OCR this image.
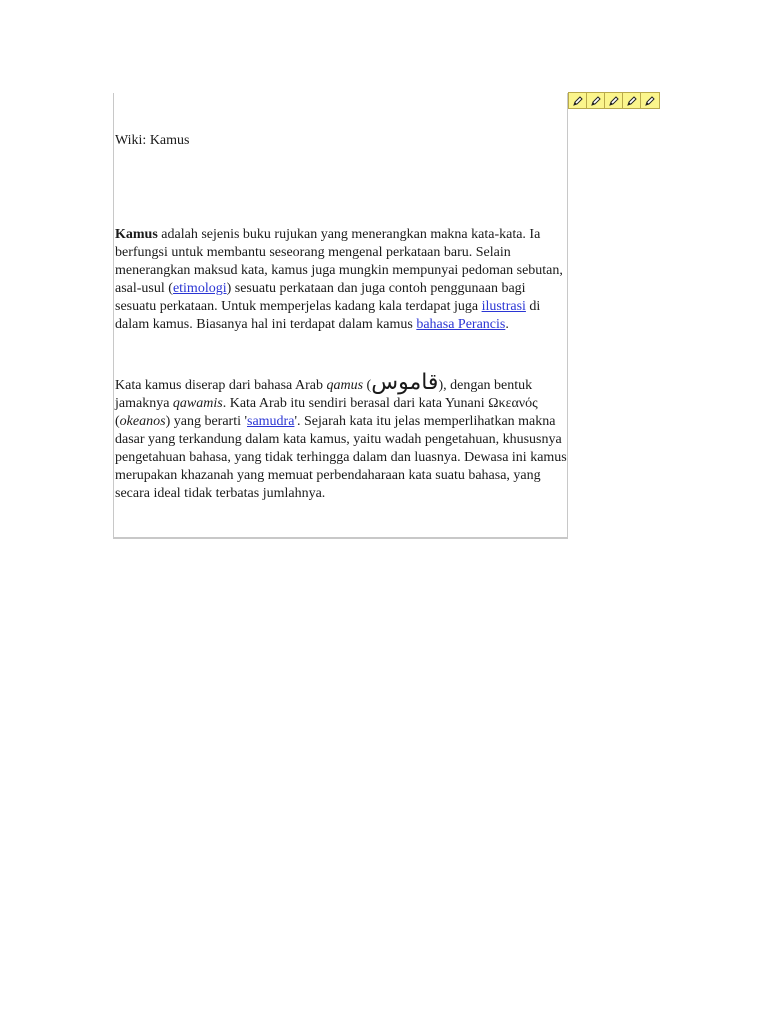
Wiki: Kamus

Kamus adalah sejenis buku rujukan yang menerangkan makna kata-kata. Ia berfungsi untuk membantu seseorang mengenal perkataan baru. Selain menerangkan maksud kata, kamus juga mungkin mempunyai pedoman sebutan, asal-usul (etimologi) sesuatu perkataan dan juga contoh penggunaan bagi sesuatu perkataan. Untuk memperjelas kadang kala terdapat juga ilustrasi di dalam kamus. Biasanya hal ini terdapat dalam kamus bahasa Perancis.

Kata kamus diserap dari bahasa Arab qamus (قاموس), dengan bentuk jamaknya qawamis. Kata Arab itu sendiri berasal dari kata Yunani Ωκεανός (okeanos) yang berarti 'samudra'. Sejarah kata itu jelas memperlihatkan makna dasar yang terkandung dalam kata kamus, yaitu wadah pengetahuan, khususnya pengetahuan bahasa, yang tidak terhingga dalam dan luasnya. Dewasa ini kamus merupakan khazanah yang memuat perbendaharaan kata suatu bahasa, yang secara ideal tidak terbatas jumlahnya.
